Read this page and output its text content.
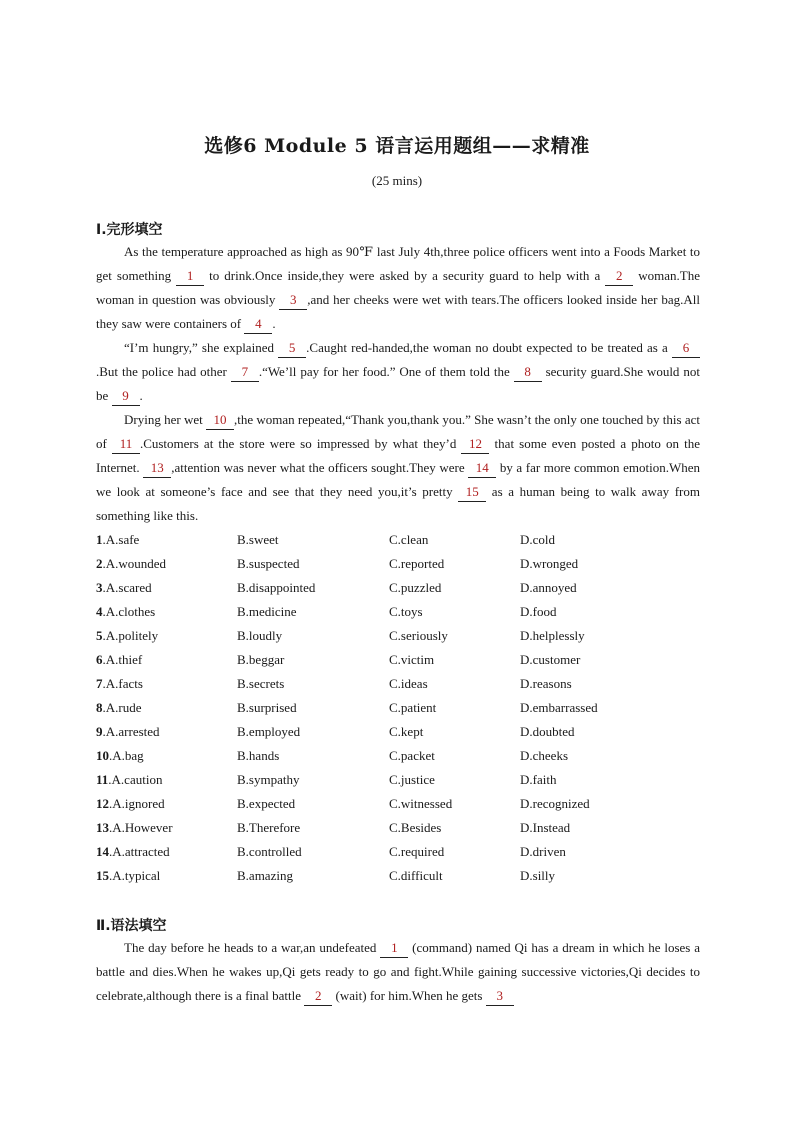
选修6 Module 5 语言运用题组——求精准
(25 mins)
Ⅰ.完形填空

As the temperature approached as high as 90℉ last July 4th,three police officers went into a Foods Market to get something 1 to drink.Once inside,they were asked by a security guard to help with a 2 woman.The woman in question was obviously 3 ,and her cheeks were wet with tears.The officers looked inside her bag.All they saw were containers of 4 .

“I’m hungry,” she explained 5 .Caught red-handed,the woman no doubt expected to be treated as a 6.But the police had other 7 .“We’ll pay for her food.” One of them told the 8 security guard.She would not be 9 .

Drying her wet 10 ,the woman repeated,“Thank you,thank you.” She wasn’t the only one touched by this act of 11 .Customers at the store were so impressed by what they’d 12 that some even posted a photo on the Internet. 13 ,attention was never what the officers sought.They were 14 by a far more common emotion.When we look at someone’s face and see that they need you,it’s pretty 15 as a human being to walk away from something like this.

1.A.safe	B.sweet	C.clean	D.cold
2.A.wounded	B.suspected	C.reported	D.wronged
3.A.scared	B.disappointed	C.puzzled	D.annoyed
4.A.clothes	B.medicine	C.toys	D.food
5.A.politely	B.loudly	C.seriously	D.helplessly
6.A.thief	B.beggar	C.victim	D.customer
7.A.facts	B.secrets	C.ideas	D.reasons
8.A.rude	B.surprised	C.patient	D.embarrassed
9.A.arrested	B.employed	C.kept	D.doubted
10.A.bag	B.hands	C.packet	D.cheeks
11.A.caution	B.sympathy	C.justice	D.faith
12.A.ignored	B.expected	C.witnessed	D.recognized
13.A.However	B.Therefore	C.Besides	D.Instead
14.A.attracted	B.controlled	C.required	D.driven
15.A.typical	B.amazing	C.difficult	D.silly
Ⅱ.语法填空

The day before he heads to a war,an undefeated 1 (command) named Qi has a dream in which he loses a battle and dies.When he wakes up,Qi gets ready to go and fight.While gaining successive victories,Qi decides to celebrate,although there is a final battle 2 (wait) for him.When he gets 3
